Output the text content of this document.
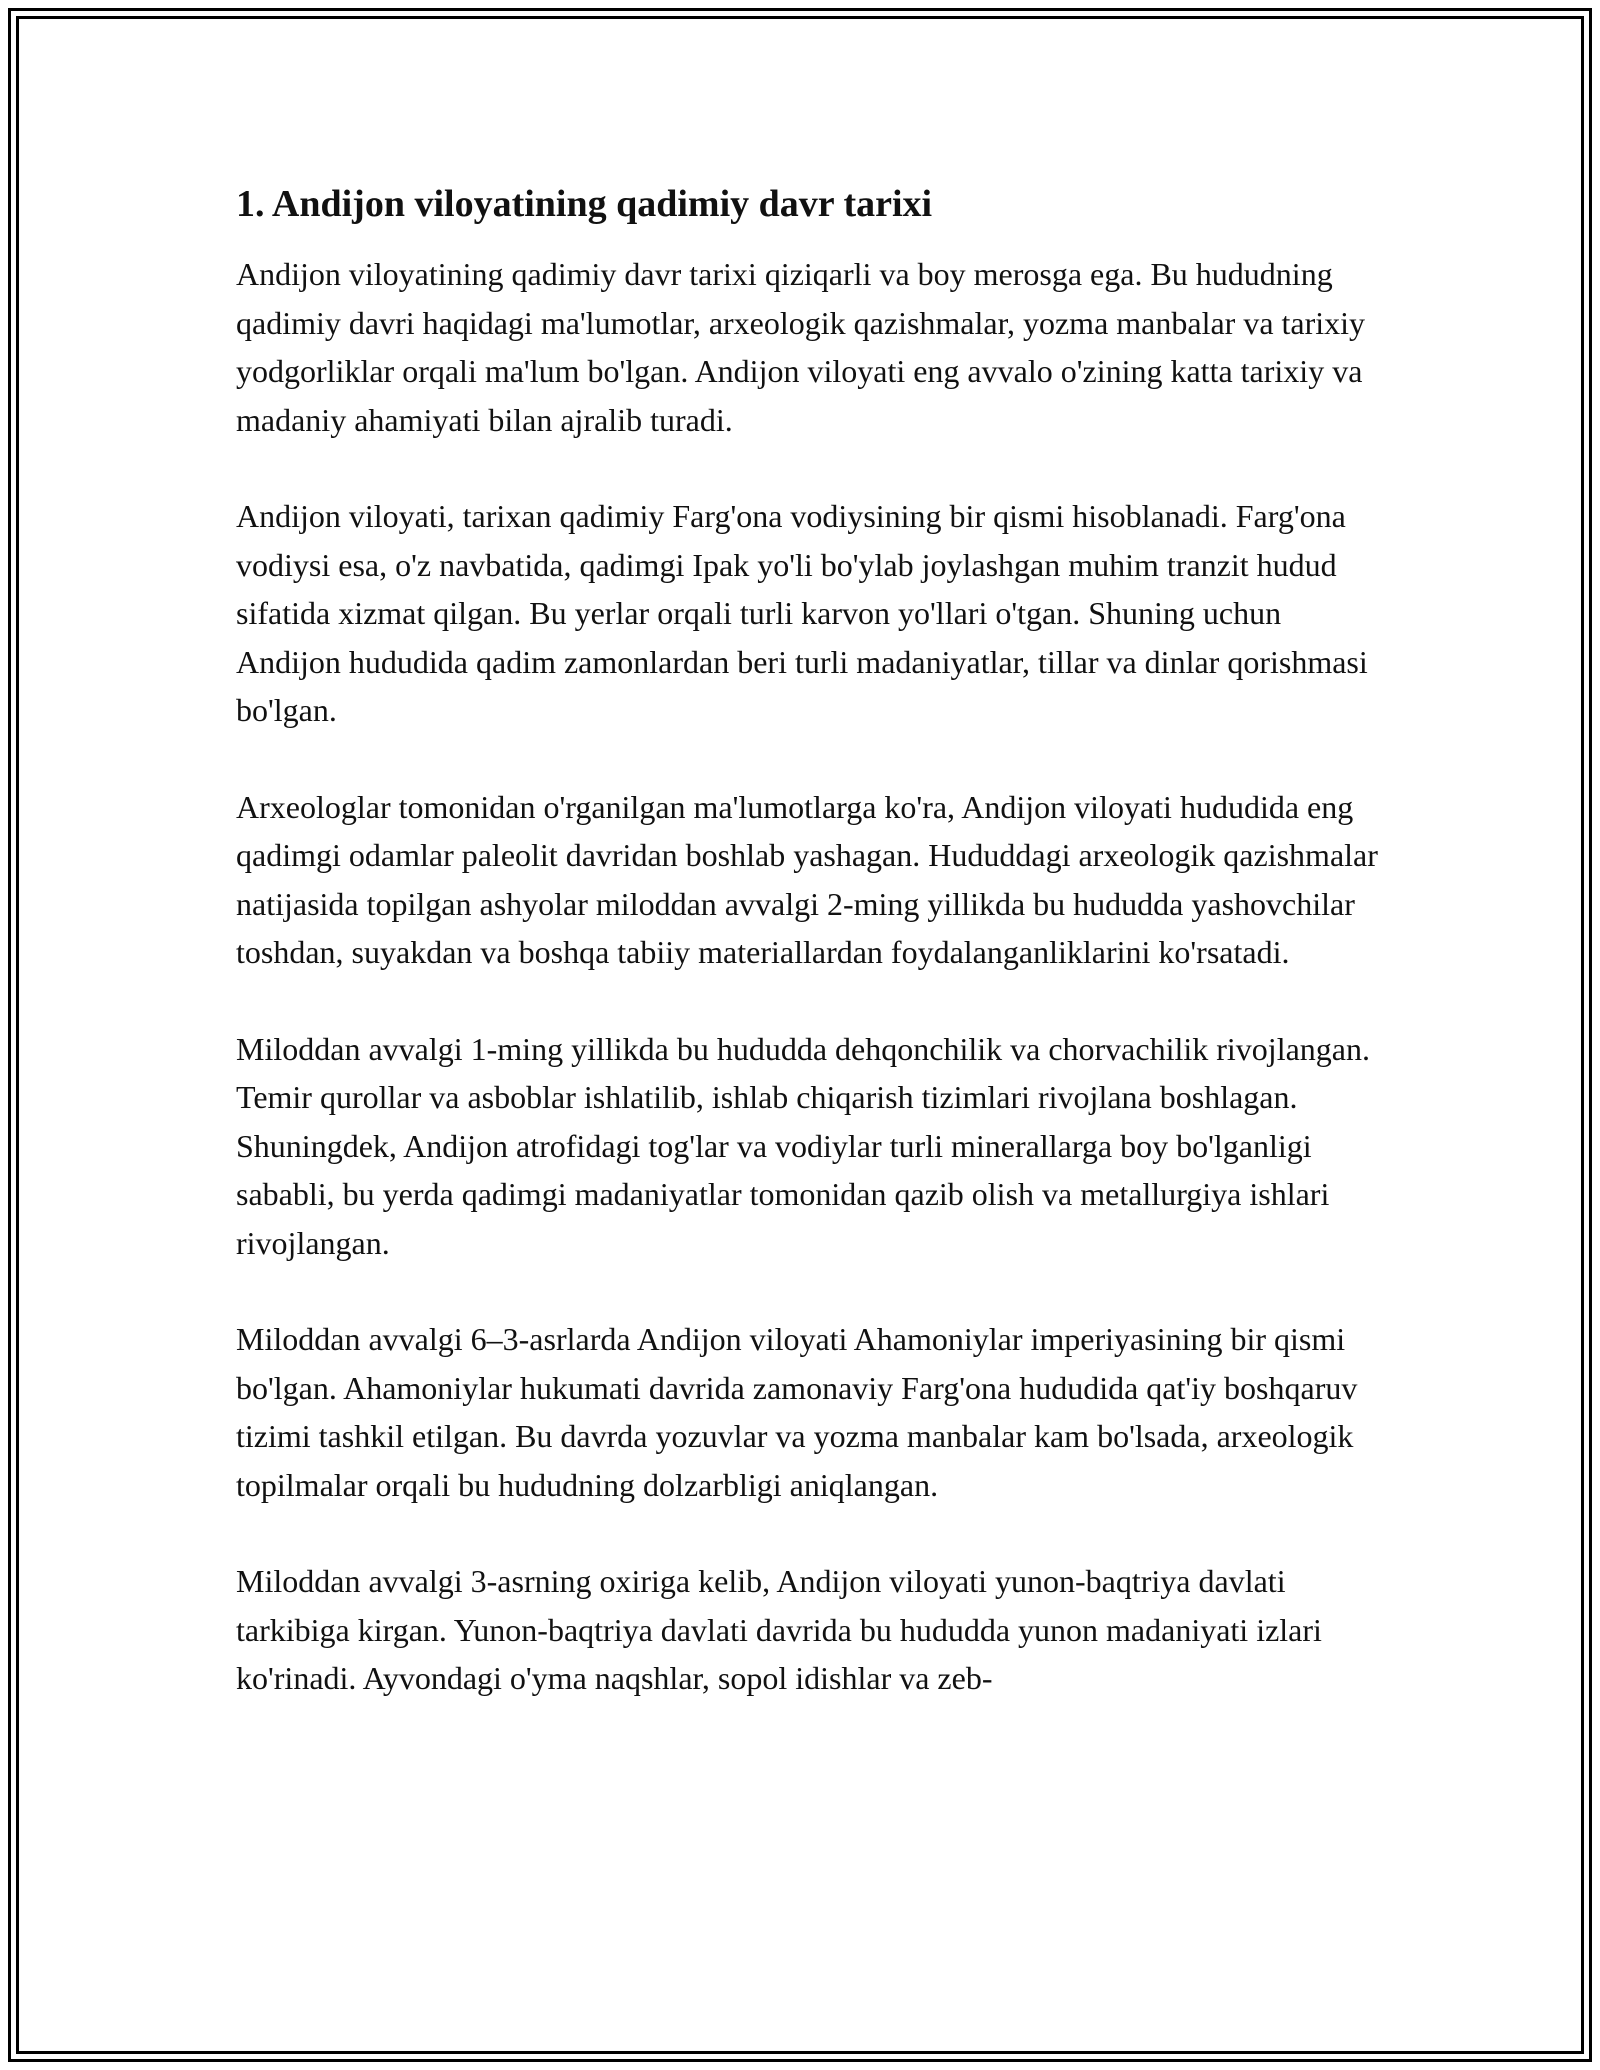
1. Andijon viloyatining qadimiy davr tarixi

Andijon viloyatining qadimiy davr tarixi qiziqarli va boy merosga ega. Bu hududning qadimiy davri haqidagi ma'lumotlar, arxeologik qazishmalar, yozma manbalar va tarixiy yodgorliklar orqali ma'lum bo'lgan. Andijon viloyati eng avvalo o'zining katta tarixiy va madaniy ahamiyati bilan ajralib turadi.

Andijon viloyati, tarixan qadimiy Farg'ona vodiysining bir qismi hisoblanadi. Farg'ona vodiysi esa, o'z navbatida, qadimgi Ipak yo'li bo'ylab joylashgan muhim tranzit hudud sifatida xizmat qilgan. Bu yerlar orqali turli karvon yo'llari o'tgan. Shuning uchun Andijon hududida qadim zamonlardan beri turli madaniyatlar, tillar va dinlar qorishmasi bo'lgan.

Arxeologlar tomonidan o'rganilgan ma'lumotlarga ko'ra, Andijon viloyati hududida eng qadimgi odamlar paleolit davridan boshlab yashagan. Hududdagi arxeologik qazishmalar natijasida topilgan ashyolar miloddan avvalgi 2-ming yillikda bu hududda yashovchilar toshdan, suyakdan va boshqa tabiiy materiallardan foydalanganliklarini ko'rsatadi.

Miloddan avvalgi 1-ming yillikda bu hududda dehqonchilik va chorvachilik rivojlangan. Temir qurollar va asboblar ishlatilib, ishlab chiqarish tizimlari rivojlana boshlagan. Shuningdek, Andijon atrofidagi tog'lar va vodiylar turli minerallarga boy bo'lganligi sababli, bu yerda qadimgi madaniyatlar tomonidan qazib olish va metallurgiya ishlari rivojlangan.

Miloddan avvalgi 6–3-asrlarda Andijon viloyati Ahamoniylar imperiyasining bir qismi bo'lgan. Ahamoniylar hukumati davrida zamonaviy Farg'ona hududida qat'iy boshqaruv tizimi tashkil etilgan. Bu davrda yozuvlar va yozma manbalar kam bo'lsada, arxeologik topilmalar orqali bu hududning dolzarbligi aniqlangan.

Miloddan avvalgi 3-asrning oxiriga kelib, Andijon viloyati yunon-baqtriya davlati tarkibiga kirgan. Yunon-baqtriya davlati davrida bu hududda yunon madaniyati izlari ko'rinadi. Ayvondagi o'yma naqshlar, sopol idishlar va zeb-
